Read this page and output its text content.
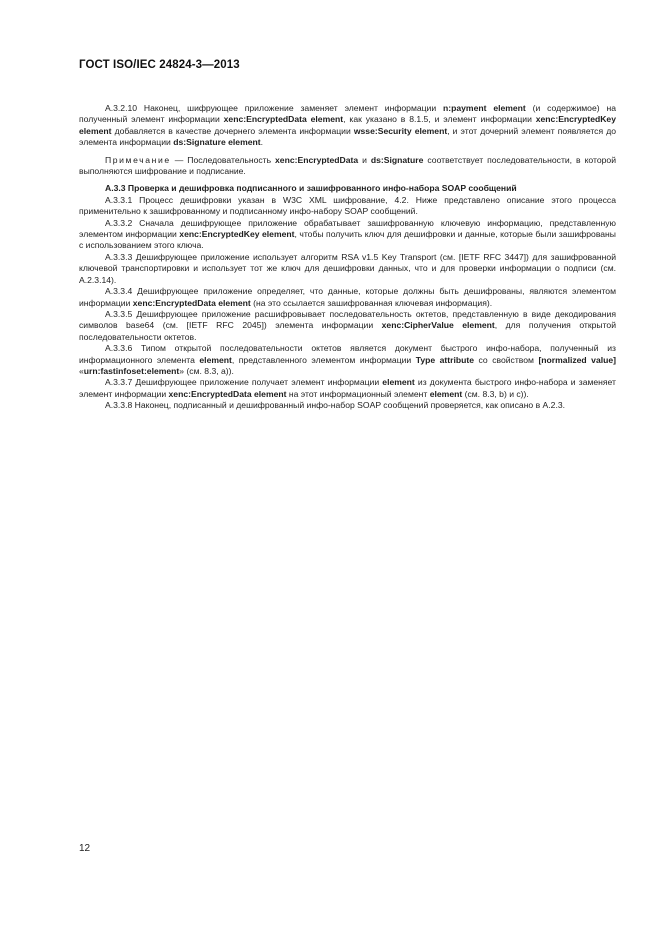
ГОСТ ISO/IEC 24824-3—2013

А.3.2.10 Наконец, шифрующее приложение заменяет элемент информации n:payment element (и содержимое) на полученный элемент информации xenc:EncryptedData element, как указано в 8.1.5, и элемент информации xenc:EncryptedKey element добавляется в качестве дочернего элемента информации wsse:Security element, и этот дочерний элемент появляется до элемента информации ds:Signature element.

Примечание — Последовательность xenc:EncryptedData и ds:Signature соответствует последовательности, в которой выполняются шифрование и подписание.

А.3.3 Проверка и дешифровка подписанного и зашифрованного инфо-набора SOAP сообщений

А.3.3.1 Процесс дешифровки указан в W3C XML шифрование, 4.2. Ниже представлено описание этого процесса применительно к зашифрованному и подписанному инфо-набору SOAP сообщений.

А.3.3.2 Сначала дешифрующее приложение обрабатывает зашифрованную ключевую информацию, представленную элементом информации xenc:EncryptedKey element, чтобы получить ключ для дешифровки и данные, которые были зашифрованы с использованием этого ключа.

А.3.3.3 Дешифрующее приложение использует алгоритм RSA v1.5 Key Transport (см. [IETF RFC 3447]) для зашифрованной ключевой транспортировки и использует тот же ключ для дешифровки данных, что и для проверки информации о подписи (см. А.2.3.14).

А.3.3.4 Дешифрующее приложение определяет, что данные, которые должны быть дешифрованы, являются элементом информации xenc:EncryptedData element (на это ссылается зашифрованная ключевая информация).

А.3.3.5 Дешифрующее приложение расшифровывает последовательность октетов, представленную в виде декодирования символов base64 (см. [IETF RFC 2045]) элемента информации xenc:CipherValue element, для получения открытой последовательности октетов.

А.3.3.6 Типом открытой последовательности октетов является документ быстрого инфо-набора, полученный из информационного элемента element, представленного элементом информации Type attribute со свойством [normalized value] «urn:fastinfoset:element» (см. 8.3, а)).

А.3.3.7 Дешифрующее приложение получает элемент информации element из документа быстрого инфо-набора и заменяет элемент информации xenc:EncryptedData element на этот информационный элемент element (см. 8.3, b) и с)).

А.3.3.8 Наконец, подписанный и дешифрованный инфо-набор SOAP сообщений проверяется, как описано в А.2.3.

12
